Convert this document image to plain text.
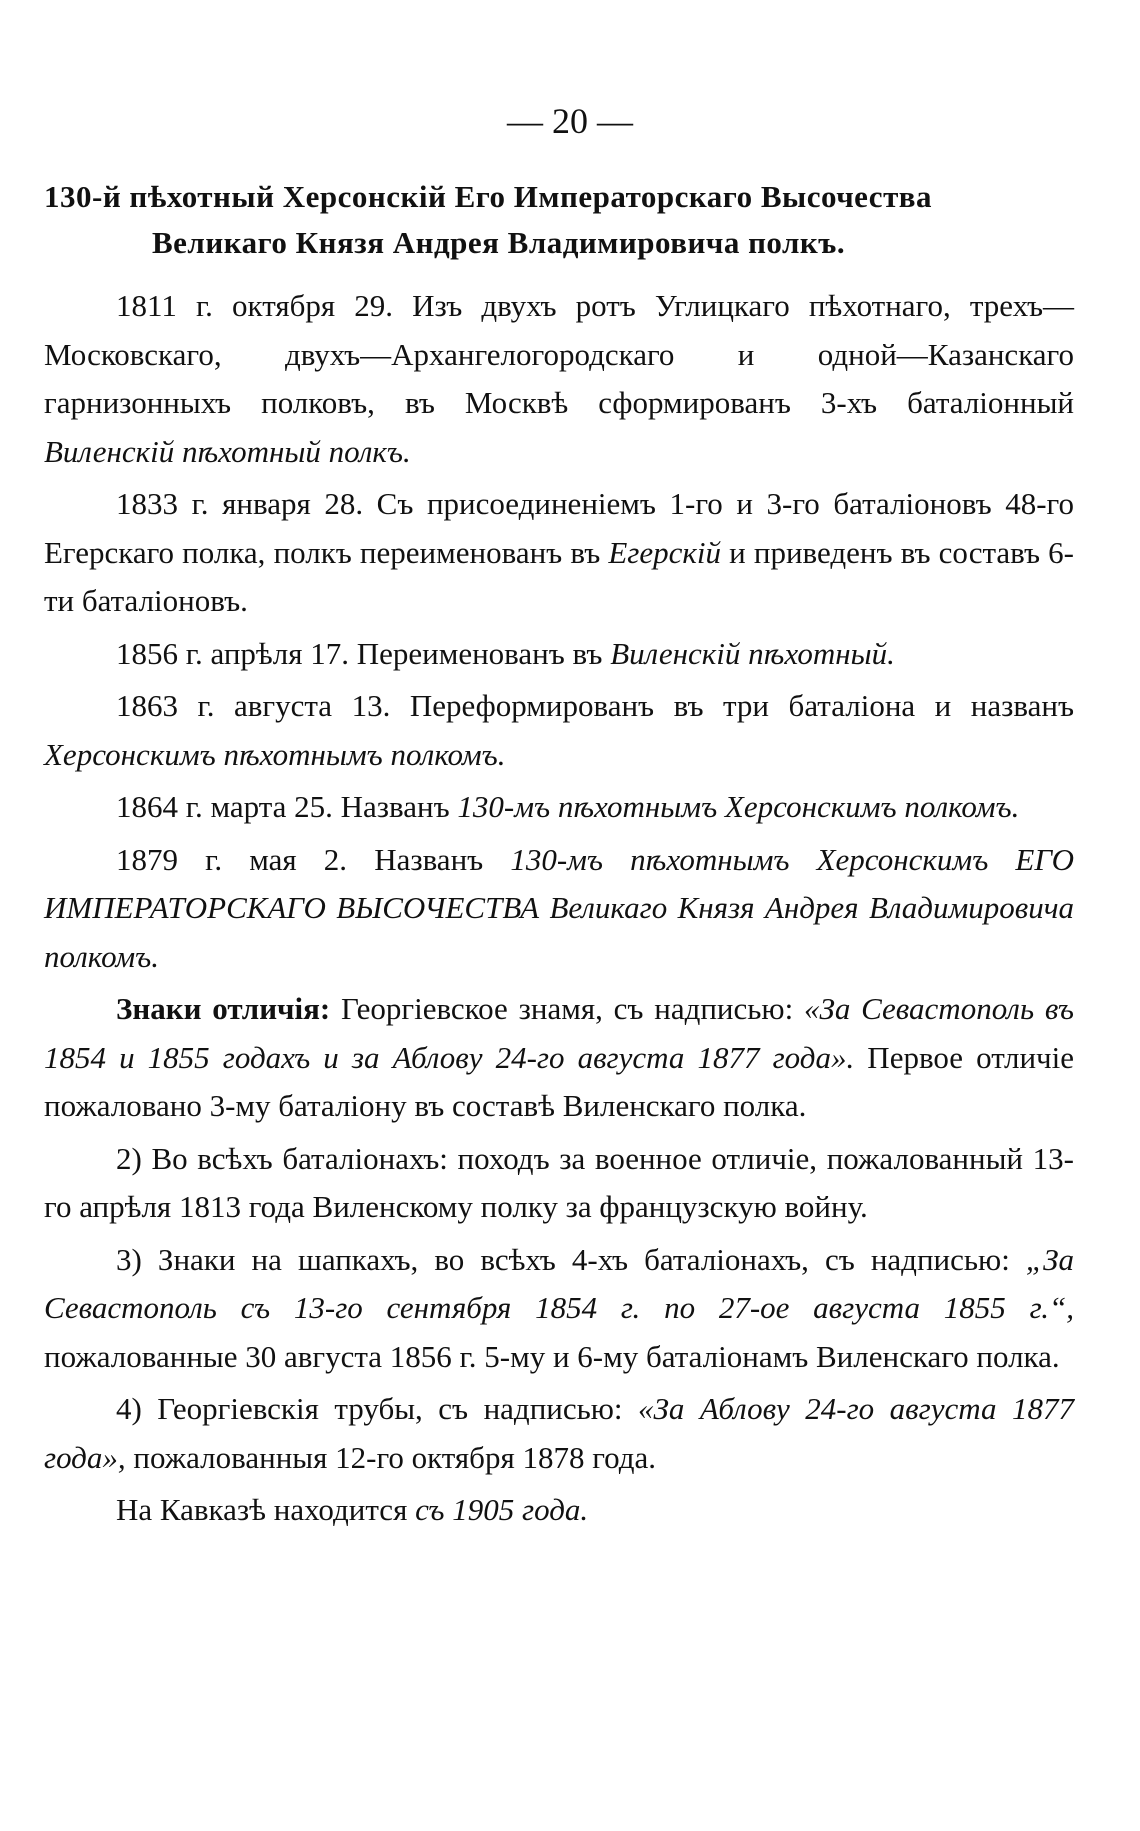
— 20 —
130-й пѣхотный Херсонскій Его Императорскаго Высочества
Великаго Князя Андрея Владимировича полкъ.

1811 г. октября 29. Изъ двухъ ротъ Углицкаго пѣхотнаго, трехъ—Московскаго, двухъ—Архангелогородскаго и одной—Казанскаго гарнизонныхъ полковъ, въ Москвѣ сформированъ 3-хъ баталіонный Виленскій пѣхотный полкъ.

1833 г. января 28. Съ присоединеніемъ 1-го и 3-го баталіоновъ 48-го Егерскаго полка, полкъ переименованъ въ Егерскій и приведенъ въ составъ 6-ти баталіоновъ.

1856 г. апрѣля 17. Переименованъ въ Виленскій пѣхотный.

1863 г. августа 13. Переформированъ въ три баталіона и названъ Херсонскимъ пѣхотнымъ полкомъ.

1864 г. марта 25. Названъ 130-мъ пѣхотнымъ Херсонскимъ полкомъ.

1879 г. мая 2. Названъ 130-мъ пѣхотнымъ Херсонскимъ ЕГО ИМПЕРАТОРСКАГО ВЫСОЧЕСТВА Великаго Князя Андрея Владимировича полкомъ.

Знаки отличія: Георгіевское знамя, съ надписью: «За Севастополь въ 1854 и 1855 годахъ и за Аблову 24-го августа 1877 года». Первое отличіе пожаловано 3-му баталіону въ составѣ Виленскаго полка.

2) Во всѣхъ баталіонахъ: походъ за военное отличіе, пожалованный 13-го апрѣля 1813 года Виленскому полку за французскую войну.

3) Знаки на шапкахъ, во всѣхъ 4-хъ баталіонахъ, съ надписью: „За Севастополь съ 13-го сентября 1854 г. по 27-ое августа 1855 г.“, пожалованные 30 августа 1856 г. 5-му и 6-му баталіонамъ Виленскаго полка.

4) Георгіевскія трубы, съ надписью: «За Аблову 24-го августа 1877 года», пожалованныя 12-го октября 1878 года.

На Кавказѣ находится съ 1905 года.
